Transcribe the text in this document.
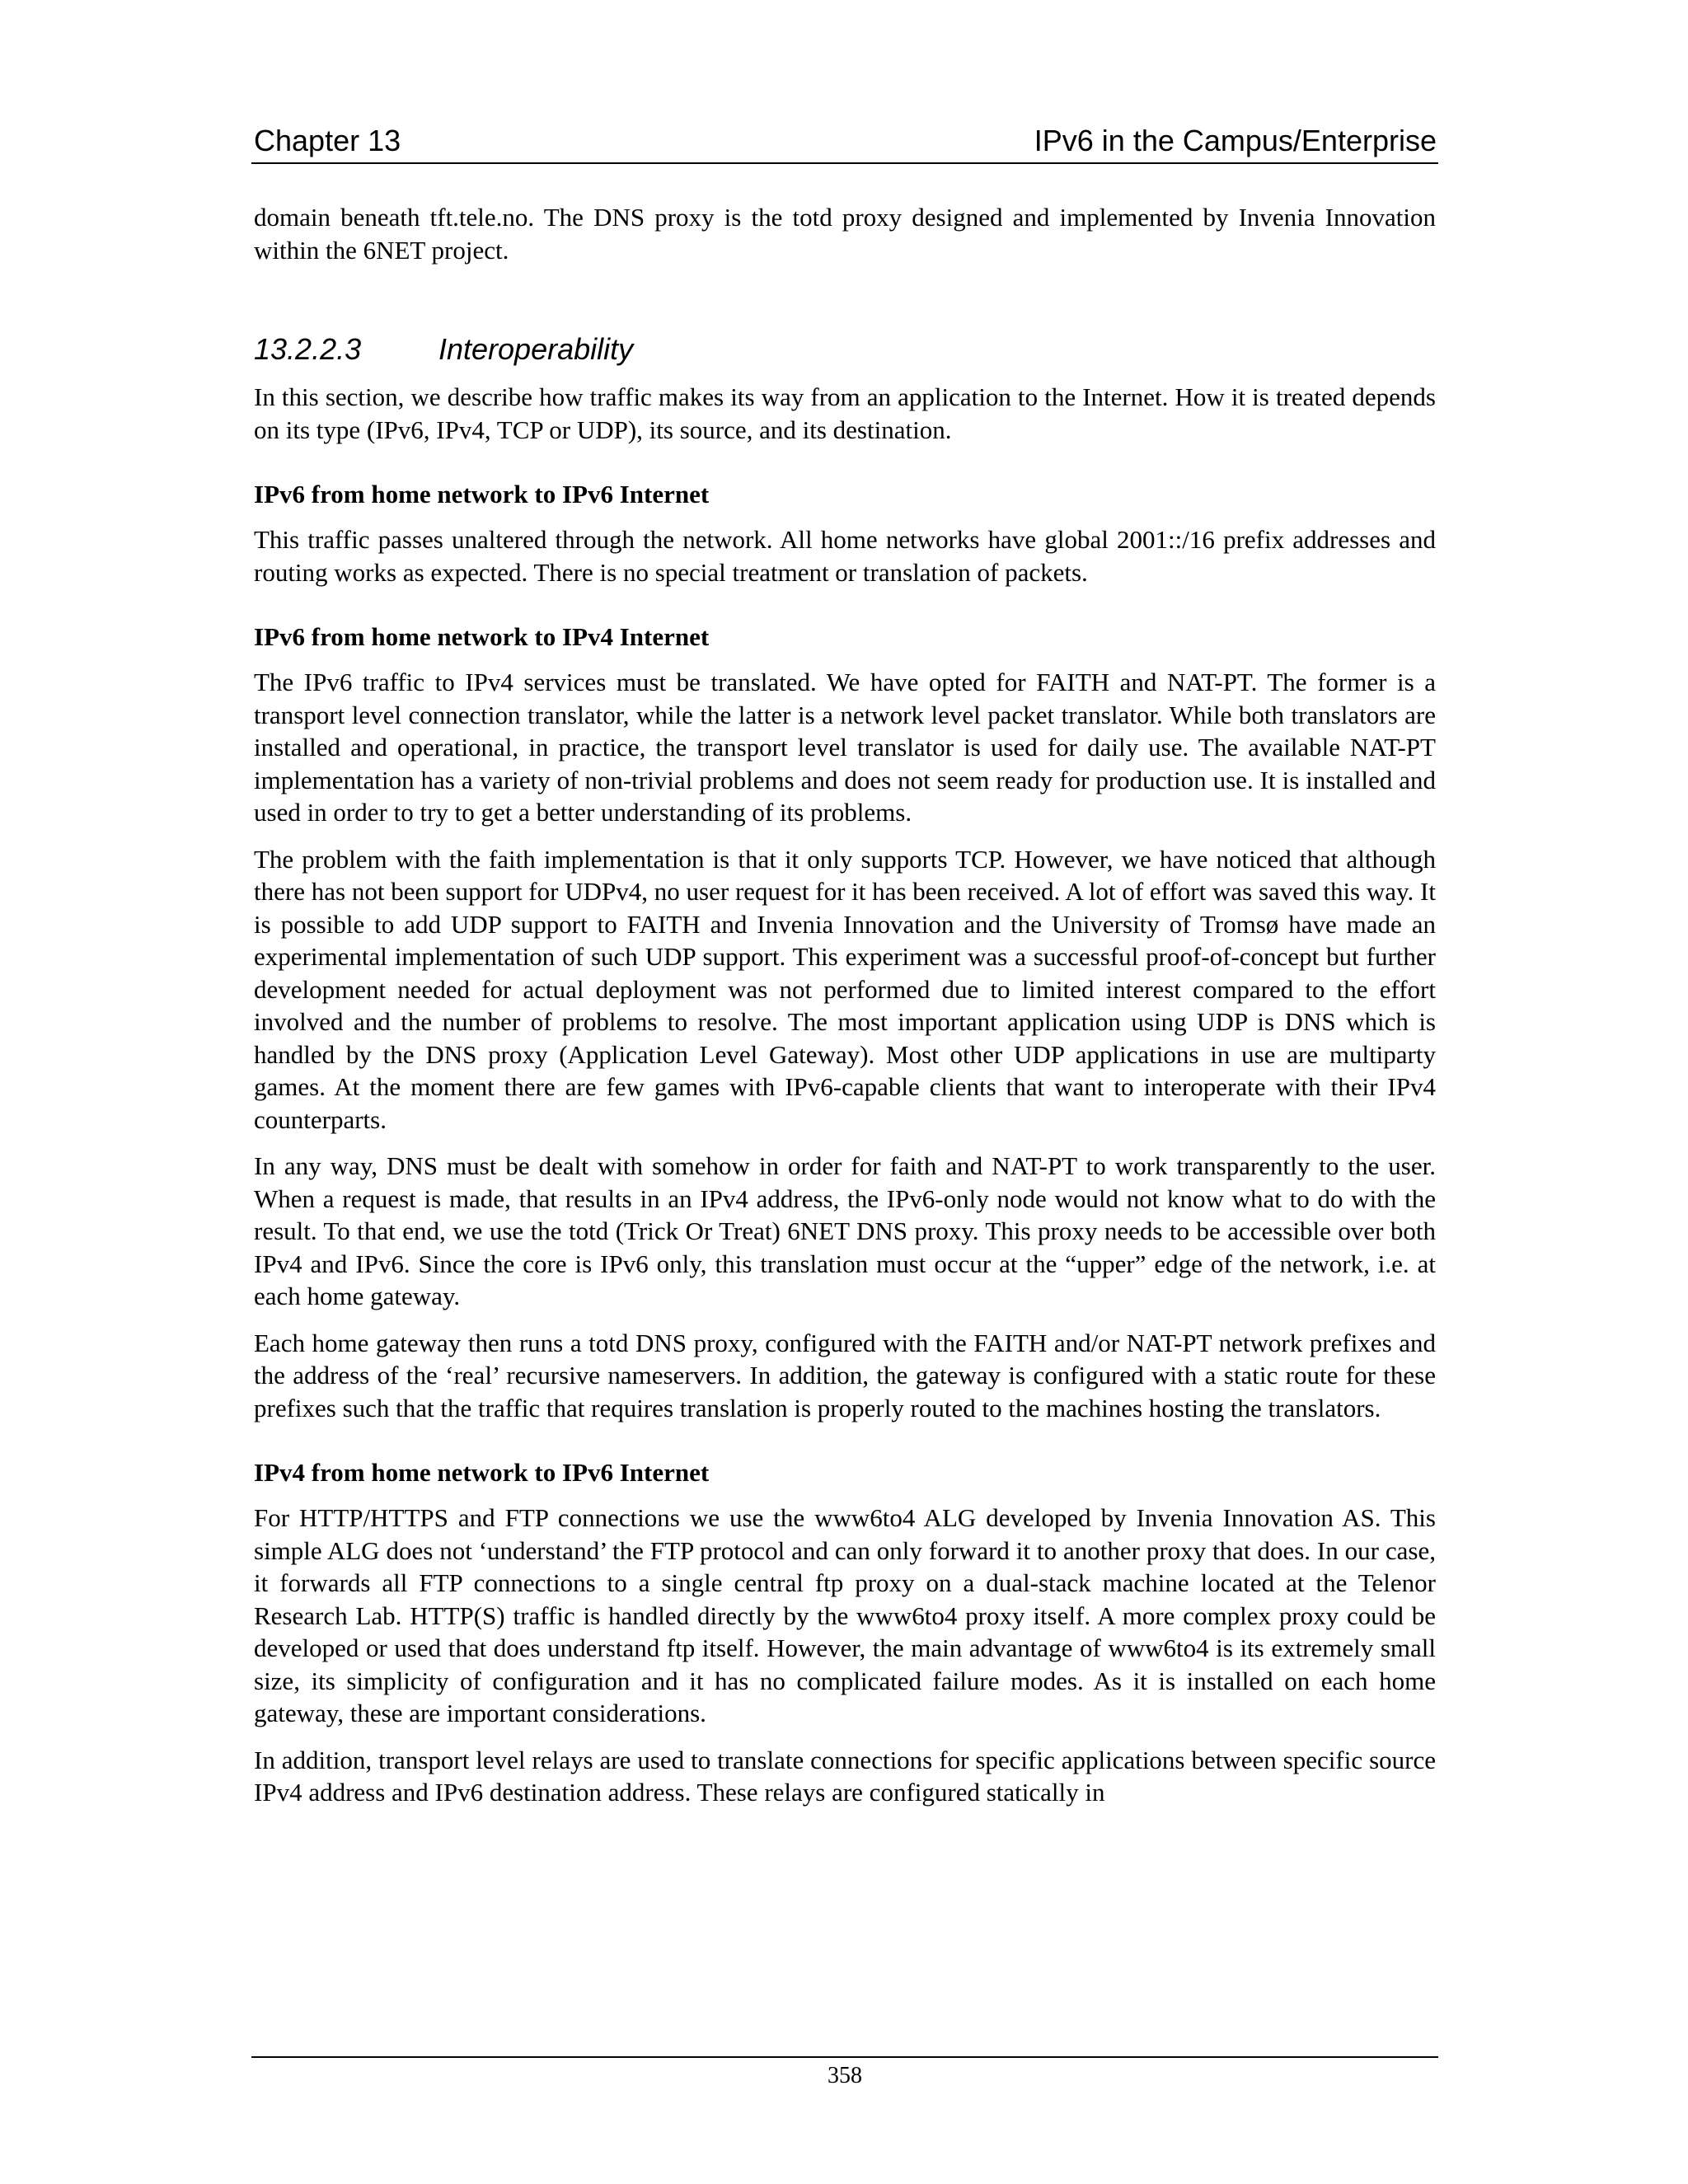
Chapter 13	IPv6 in the Campus/Enterprise

domain beneath tft.tele.no. The DNS proxy is the totd proxy designed and implemented by Invenia Innovation within the 6NET project.

13.2.2.3	Interoperability

In this section, we describe how traffic makes its way from an application to the Internet. How it is treated depends on its type (IPv6, IPv4, TCP or UDP), its source, and its destination.

IPv6 from home network to IPv6 Internet

This traffic passes unaltered through the network. All home networks have global 2001::/16 prefix addresses and routing works as expected. There is no special treatment or translation of packets.

IPv6 from home network to IPv4 Internet

The IPv6 traffic to IPv4 services must be translated. We have opted for FAITH and NAT-PT. The former is a transport level connection translator, while the latter is a network level packet translator. While both translators are installed and operational, in practice, the transport level translator is used for daily use. The available NAT-PT implementation has a variety of non-trivial problems and does not seem ready for production use. It is installed and used in order to try to get a better understanding of its problems.

The problem with the faith implementation is that it only supports TCP. However, we have noticed that although there has not been support for UDPv4, no user request for it has been received. A lot of effort was saved this way. It is possible to add UDP support to FAITH and Invenia Innovation and the University of Tromsø have made an experimental implementation of such UDP support. This experiment was a successful proof-of-concept but further development needed for actual deployment was not performed due to limited interest compared to the effort involved and the number of problems to resolve. The most important application using UDP is DNS which is handled by the DNS proxy (Application Level Gateway). Most other UDP applications in use are multiparty games. At the moment there are few games with IPv6-capable clients that want to interoperate with their IPv4 counterparts.

In any way, DNS must be dealt with somehow in order for faith and NAT-PT to work transparently to the user. When a request is made, that results in an IPv4 address, the IPv6-only node would not know what to do with the result. To that end, we use the totd (Trick Or Treat) 6NET DNS proxy. This proxy needs to be accessible over both IPv4 and IPv6. Since the core is IPv6 only, this translation must occur at the “upper” edge of the network, i.e. at each home gateway.

Each home gateway then runs a totd DNS proxy, configured with the FAITH and/or NAT-PT network prefixes and the address of the ‘real’ recursive nameservers. In addition, the gateway is configured with a static route for these prefixes such that the traffic that requires translation is properly routed to the machines hosting the translators.

IPv4 from home network to IPv6 Internet

For HTTP/HTTPS and FTP connections we use the www6to4 ALG developed by Invenia Innovation AS. This simple ALG does not ‘understand’ the FTP protocol and can only forward it to another proxy that does. In our case, it forwards all FTP connections to a single central ftp proxy on a dual-stack machine located at the Telenor Research Lab. HTTP(S) traffic is handled directly by the www6to4 proxy itself. A more complex proxy could be developed or used that does understand ftp itself. However, the main advantage of www6to4 is its extremely small size, its simplicity of configuration and it has no complicated failure modes. As it is installed on each home gateway, these are important considerations.

In addition, transport level relays are used to translate connections for specific applications between specific source IPv4 address and IPv6 destination address. These relays are configured statically in

358
